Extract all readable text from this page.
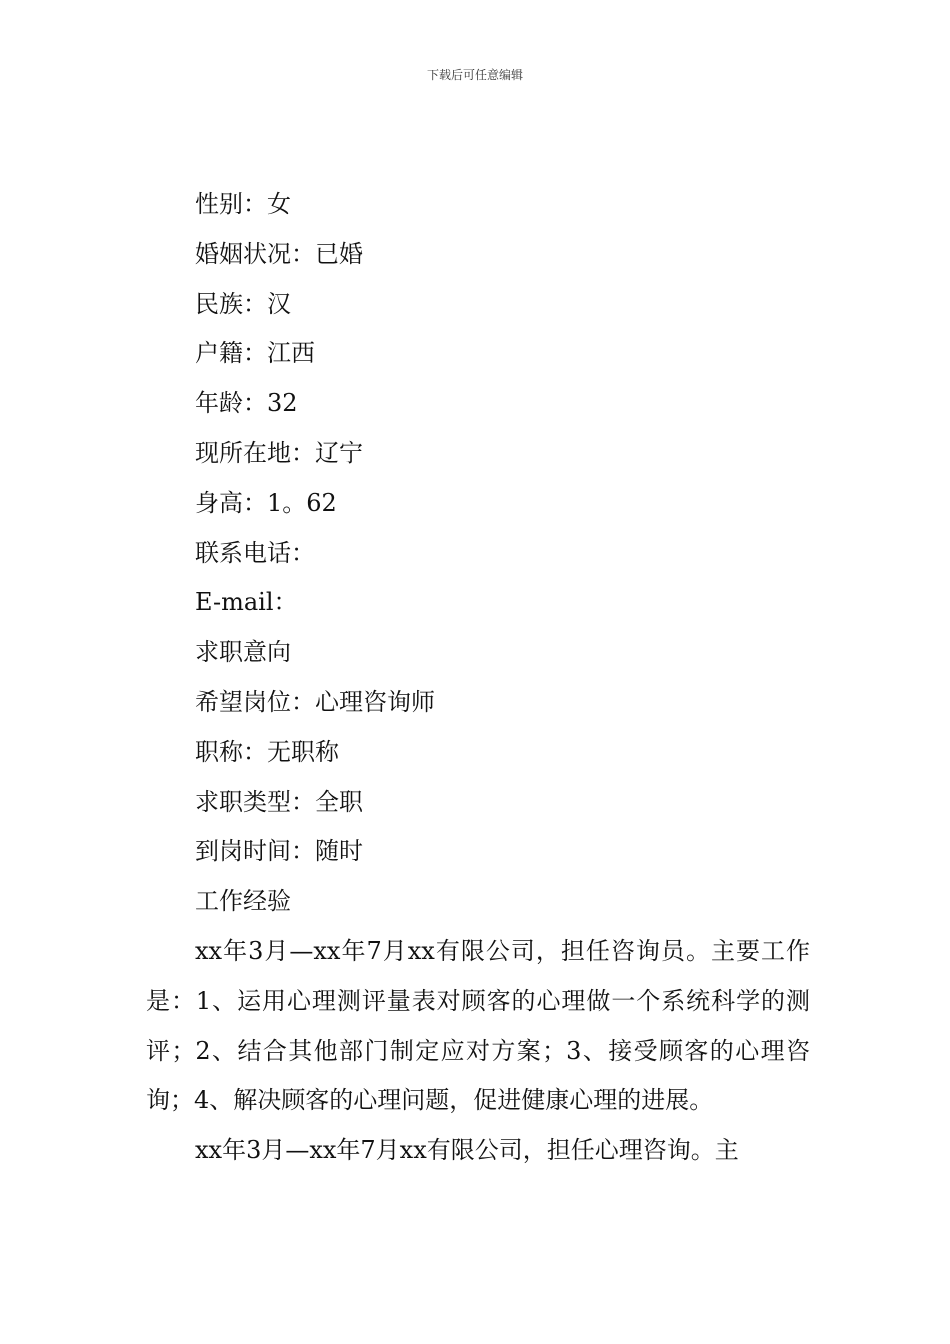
下载后可任意编辑
性别：女
婚姻状况：已婚
民族：汉
户籍：江西
年龄：32
现所在地：辽宁
身高：1。62
联系电话：
E-mail：
求职意向
希望岗位：心理咨询师
职称：无职称
求职类型：全职
到岗时间：随时
工作经验

xx年3月—xx年7月xx有限公司，担任咨询员。主要工作是：1、运用心理测评量表对顾客的心理做一个系统科学的测评；2、结合其他部门制定应对方案；3、接受顾客的心理咨询；4、解决顾客的心理问题，促进健康心理的进展。

xx年3月—xx年7月xx有限公司，担任心理咨询。主
